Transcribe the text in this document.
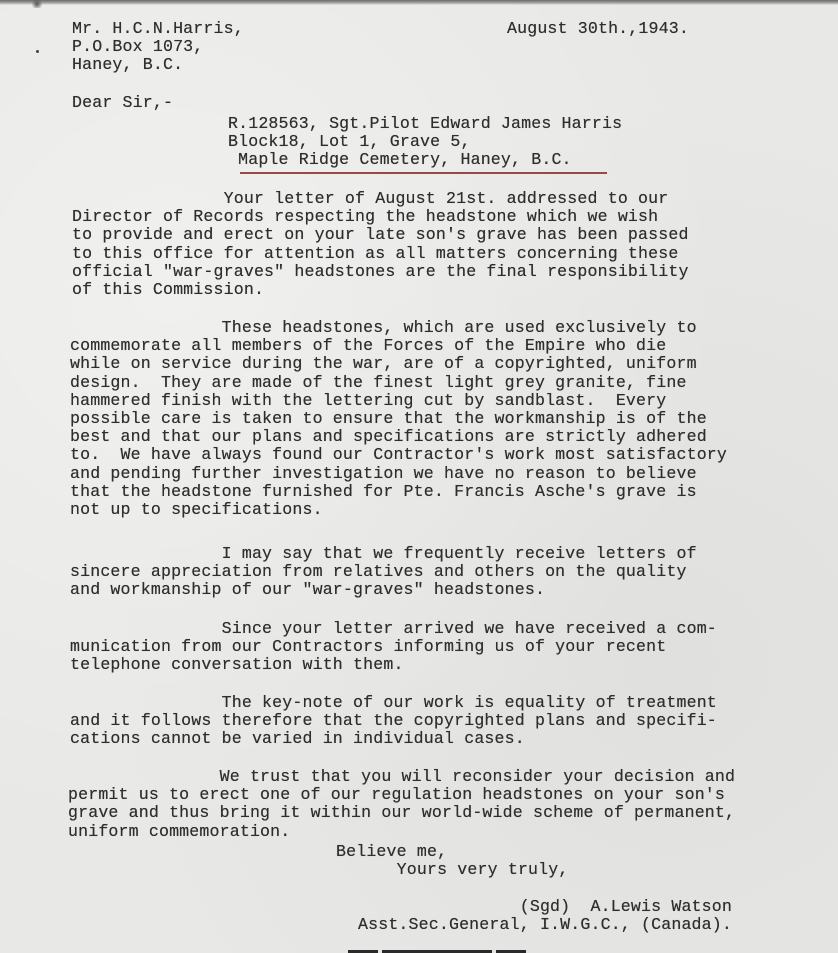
Mr. H.C.N.Harris,
P.O.Box 1073,
Haney, B.C.
August 30th.,1943.
Dear Sir,-
R.128563, Sgt.Pilot Edward James Harris
Block18, Lot 1, Grave 5,
Maple Ridge Cemetery, Haney, B.C.
Your letter of August 21st. addressed to our
Director of Records respecting the headstone which we wish
to provide and erect on your late son's grave has been passed
to this office for attention as all matters concerning these
official "war-graves" headstones are the final responsibility
of this Commission.
These headstones, which are used exclusively to
commemorate all members of the Forces of the Empire who die
while on service during the war, are of a copyrighted, uniform
design.  They are made of the finest light grey granite, fine
hammered finish with the lettering cut by sandblast.  Every
possible care is taken to ensure that the workmanship is of the
best and that our plans and specifications are strictly adhered
to.  We have always found our Contractor's work most satisfactory
and pending further investigation we have no reason to believe
that the headstone furnished for Pte. Francis Asche's grave is
not up to specifications.
I may say that we frequently receive letters of
sincere appreciation from relatives and others on the quality
and workmanship of our "war-graves" headstones.
Since your letter arrived we have received a com-
munication from our Contractors informing us of your recent
telephone conversation with them.
The key-note of our work is equality of treatment
and it follows therefore that the copyrighted plans and specifi-
cations cannot be varied in individual cases.
We trust that you will reconsider your decision and
permit us to erect one of our regulation headstones on your son's
grave and thus bring it within our world-wide scheme of permanent,
uniform commemoration.
Believe me,
Yours very truly,
(Sgd)  A.Lewis Watson
Asst.Sec.General, I.W.G.C., (Canada).
